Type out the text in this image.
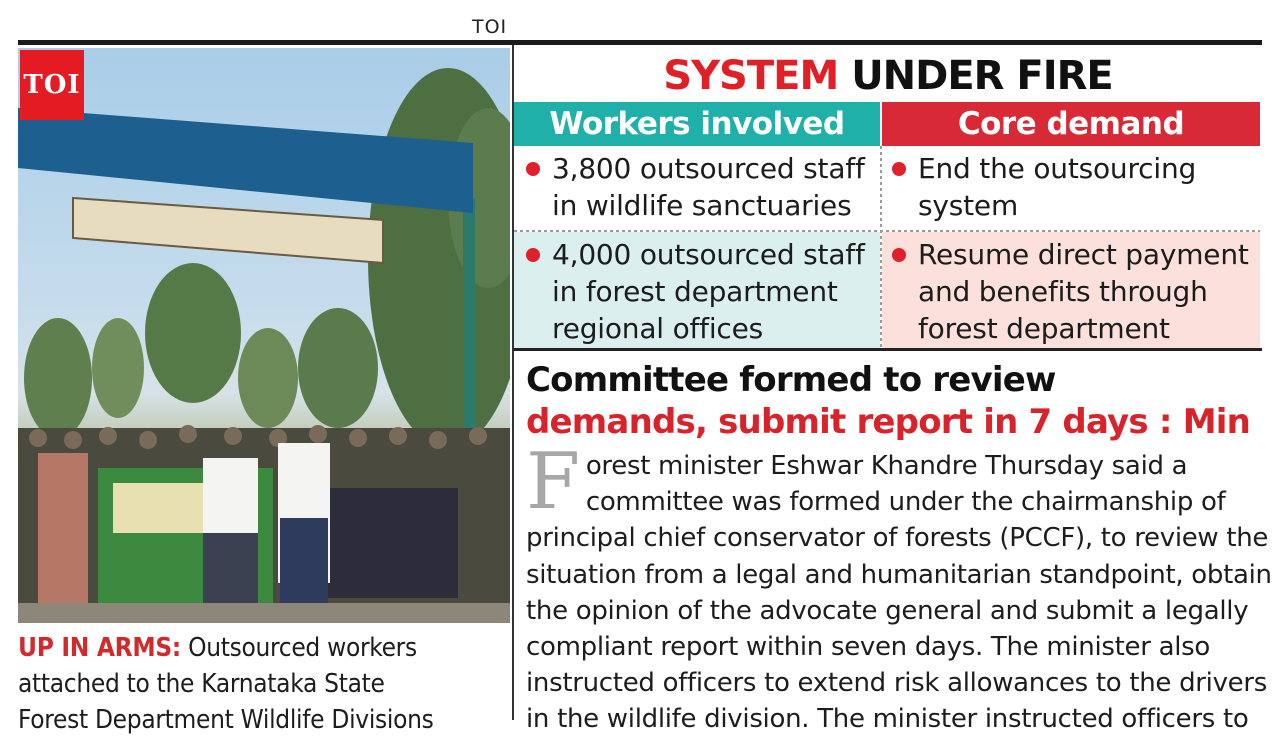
TOI
TOI
UP IN ARMS: Outsourced workers
attached to the Karnataka State
Forest Department Wildlife Divisions
SYSTEM UNDER FIRE
Workers involved	Core demand
3,800 outsourced staff
in wildlife sanctuaries
End the outsourcing
system
4,000 outsourced staff
in forest department
regional offices
Resume direct payment
and benefits through
forest department
Committee formed to review
demands, submit report in 7 days : Min
F orest minister Eshwar Khandre Thursday said a
committee was formed under the chairmanship of
principal chief conservator of forests (PCCF), to review the
situation from a legal and humanitarian standpoint, obtain
the opinion of the advocate general and submit a legally
compliant report within seven days. The minister also
instructed officers to extend risk allowances to the drivers
in the wildlife division. The minister instructed officers to
